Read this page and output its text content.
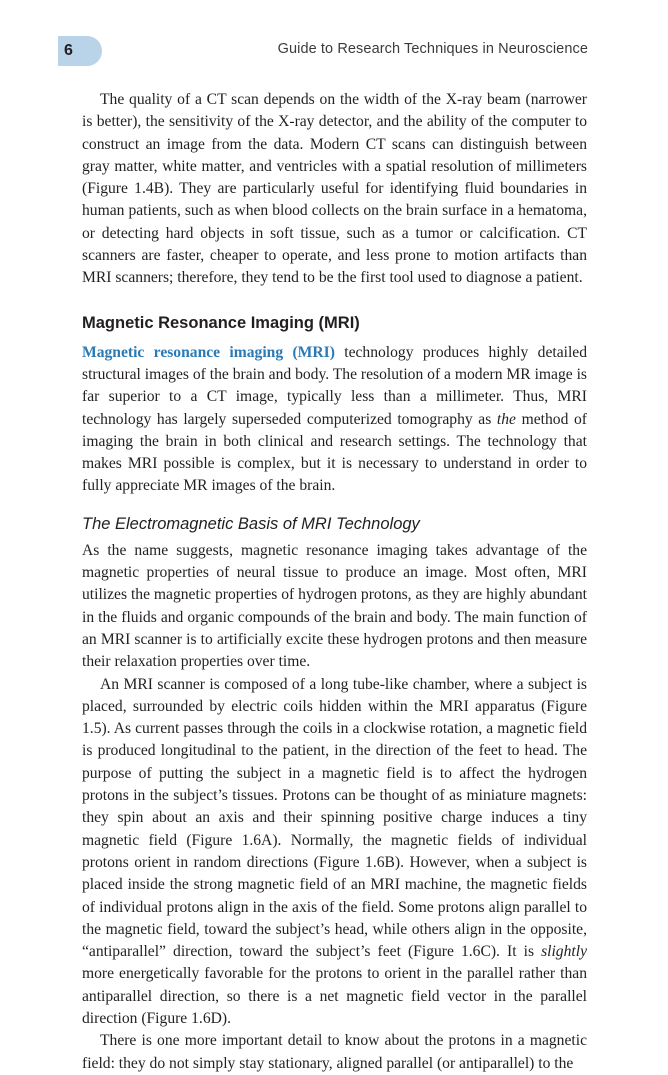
6	Guide to Research Techniques in Neuroscience

The quality of a CT scan depends on the width of the X-ray beam (narrower is better), the sensitivity of the X-ray detector, and the ability of the computer to construct an image from the data. Modern CT scans can distinguish between gray matter, white matter, and ventricles with a spatial resolution of millimeters (Figure 1.4B). They are particularly useful for identifying fluid boundaries in human patients, such as when blood collects on the brain surface in a hematoma, or detecting hard objects in soft tissue, such as a tumor or calcification. CT scanners are faster, cheaper to operate, and less prone to motion artifacts than MRI scanners; therefore, they tend to be the first tool used to diagnose a patient.

Magnetic Resonance Imaging (MRI)

Magnetic resonance imaging (MRI) technology produces highly detailed structural images of the brain and body. The resolution of a modern MR image is far superior to a CT image, typically less than a millimeter. Thus, MRI technology has largely superseded computerized tomography as the method of imaging the brain in both clinical and research settings. The technology that makes MRI possible is complex, but it is necessary to understand in order to fully appreciate MR images of the brain.

The Electromagnetic Basis of MRI Technology

As the name suggests, magnetic resonance imaging takes advantage of the magnetic properties of neural tissue to produce an image. Most often, MRI utilizes the magnetic properties of hydrogen protons, as they are highly abundant in the fluids and organic compounds of the brain and body. The main function of an MRI scanner is to artificially excite these hydrogen protons and then measure their relaxation properties over time.

An MRI scanner is composed of a long tube-like chamber, where a subject is placed, surrounded by electric coils hidden within the MRI apparatus (Figure 1.5). As current passes through the coils in a clockwise rotation, a magnetic field is produced longitudinal to the patient, in the direction of the feet to head. The purpose of putting the subject in a magnetic field is to affect the hydrogen protons in the subject’s tissues. Protons can be thought of as miniature magnets: they spin about an axis and their spinning positive charge induces a tiny magnetic field (Figure 1.6A). Normally, the magnetic fields of individual protons orient in random directions (Figure 1.6B). However, when a subject is placed inside the strong magnetic field of an MRI machine, the magnetic fields of individual protons align in the axis of the field. Some protons align parallel to the magnetic field, toward the subject’s head, while others align in the opposite, “antiparallel” direction, toward the subject’s feet (Figure 1.6C). It is slightly more energetically favorable for the protons to orient in the parallel rather than antiparallel direction, so there is a net magnetic field vector in the parallel direction (Figure 1.6D).

There is one more important detail to know about the protons in a magnetic field: they do not simply stay stationary, aligned parallel (or antiparallel) to the
